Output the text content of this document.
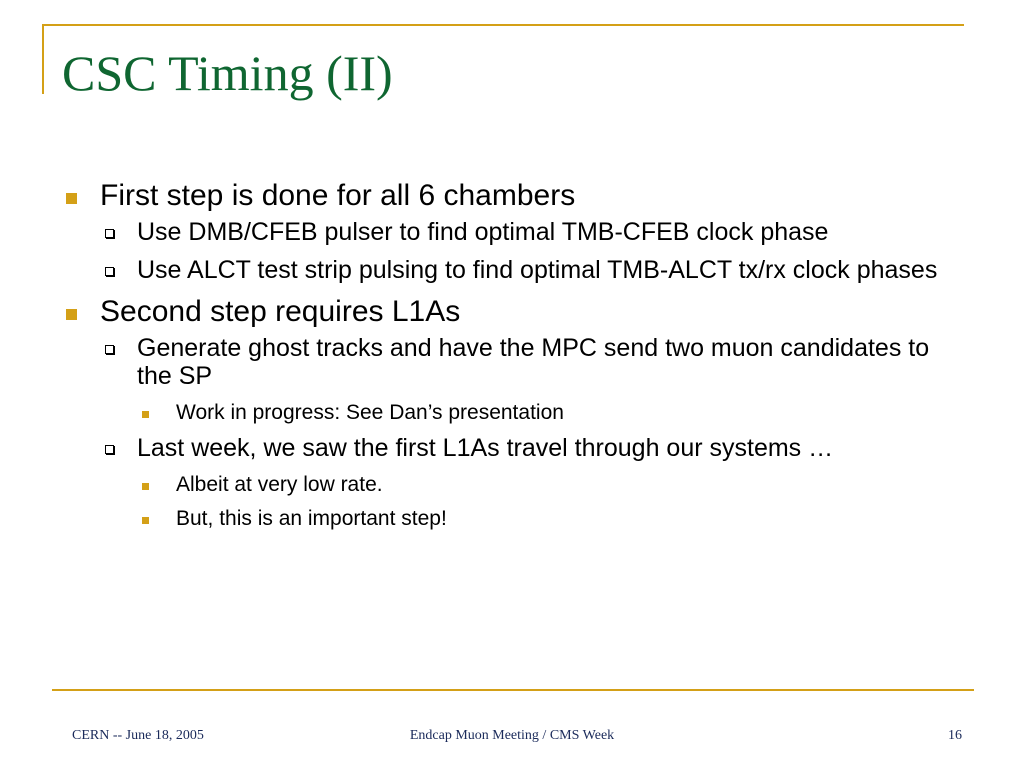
CSC Timing (II)
First step is done for all 6 chambers
Use DMB/CFEB pulser to find optimal TMB-CFEB clock phase
Use ALCT test strip pulsing to find optimal TMB-ALCT tx/rx clock phases
Second step requires L1As
Generate ghost tracks and have the MPC send two muon candidates to the SP
Work in progress: See Dan’s presentation
Last week, we saw the first L1As travel through our systems …
Albeit at very low rate.
But, this is an important step!
CERN -- June 18, 2005	Endcap Muon Meeting / CMS Week	16
